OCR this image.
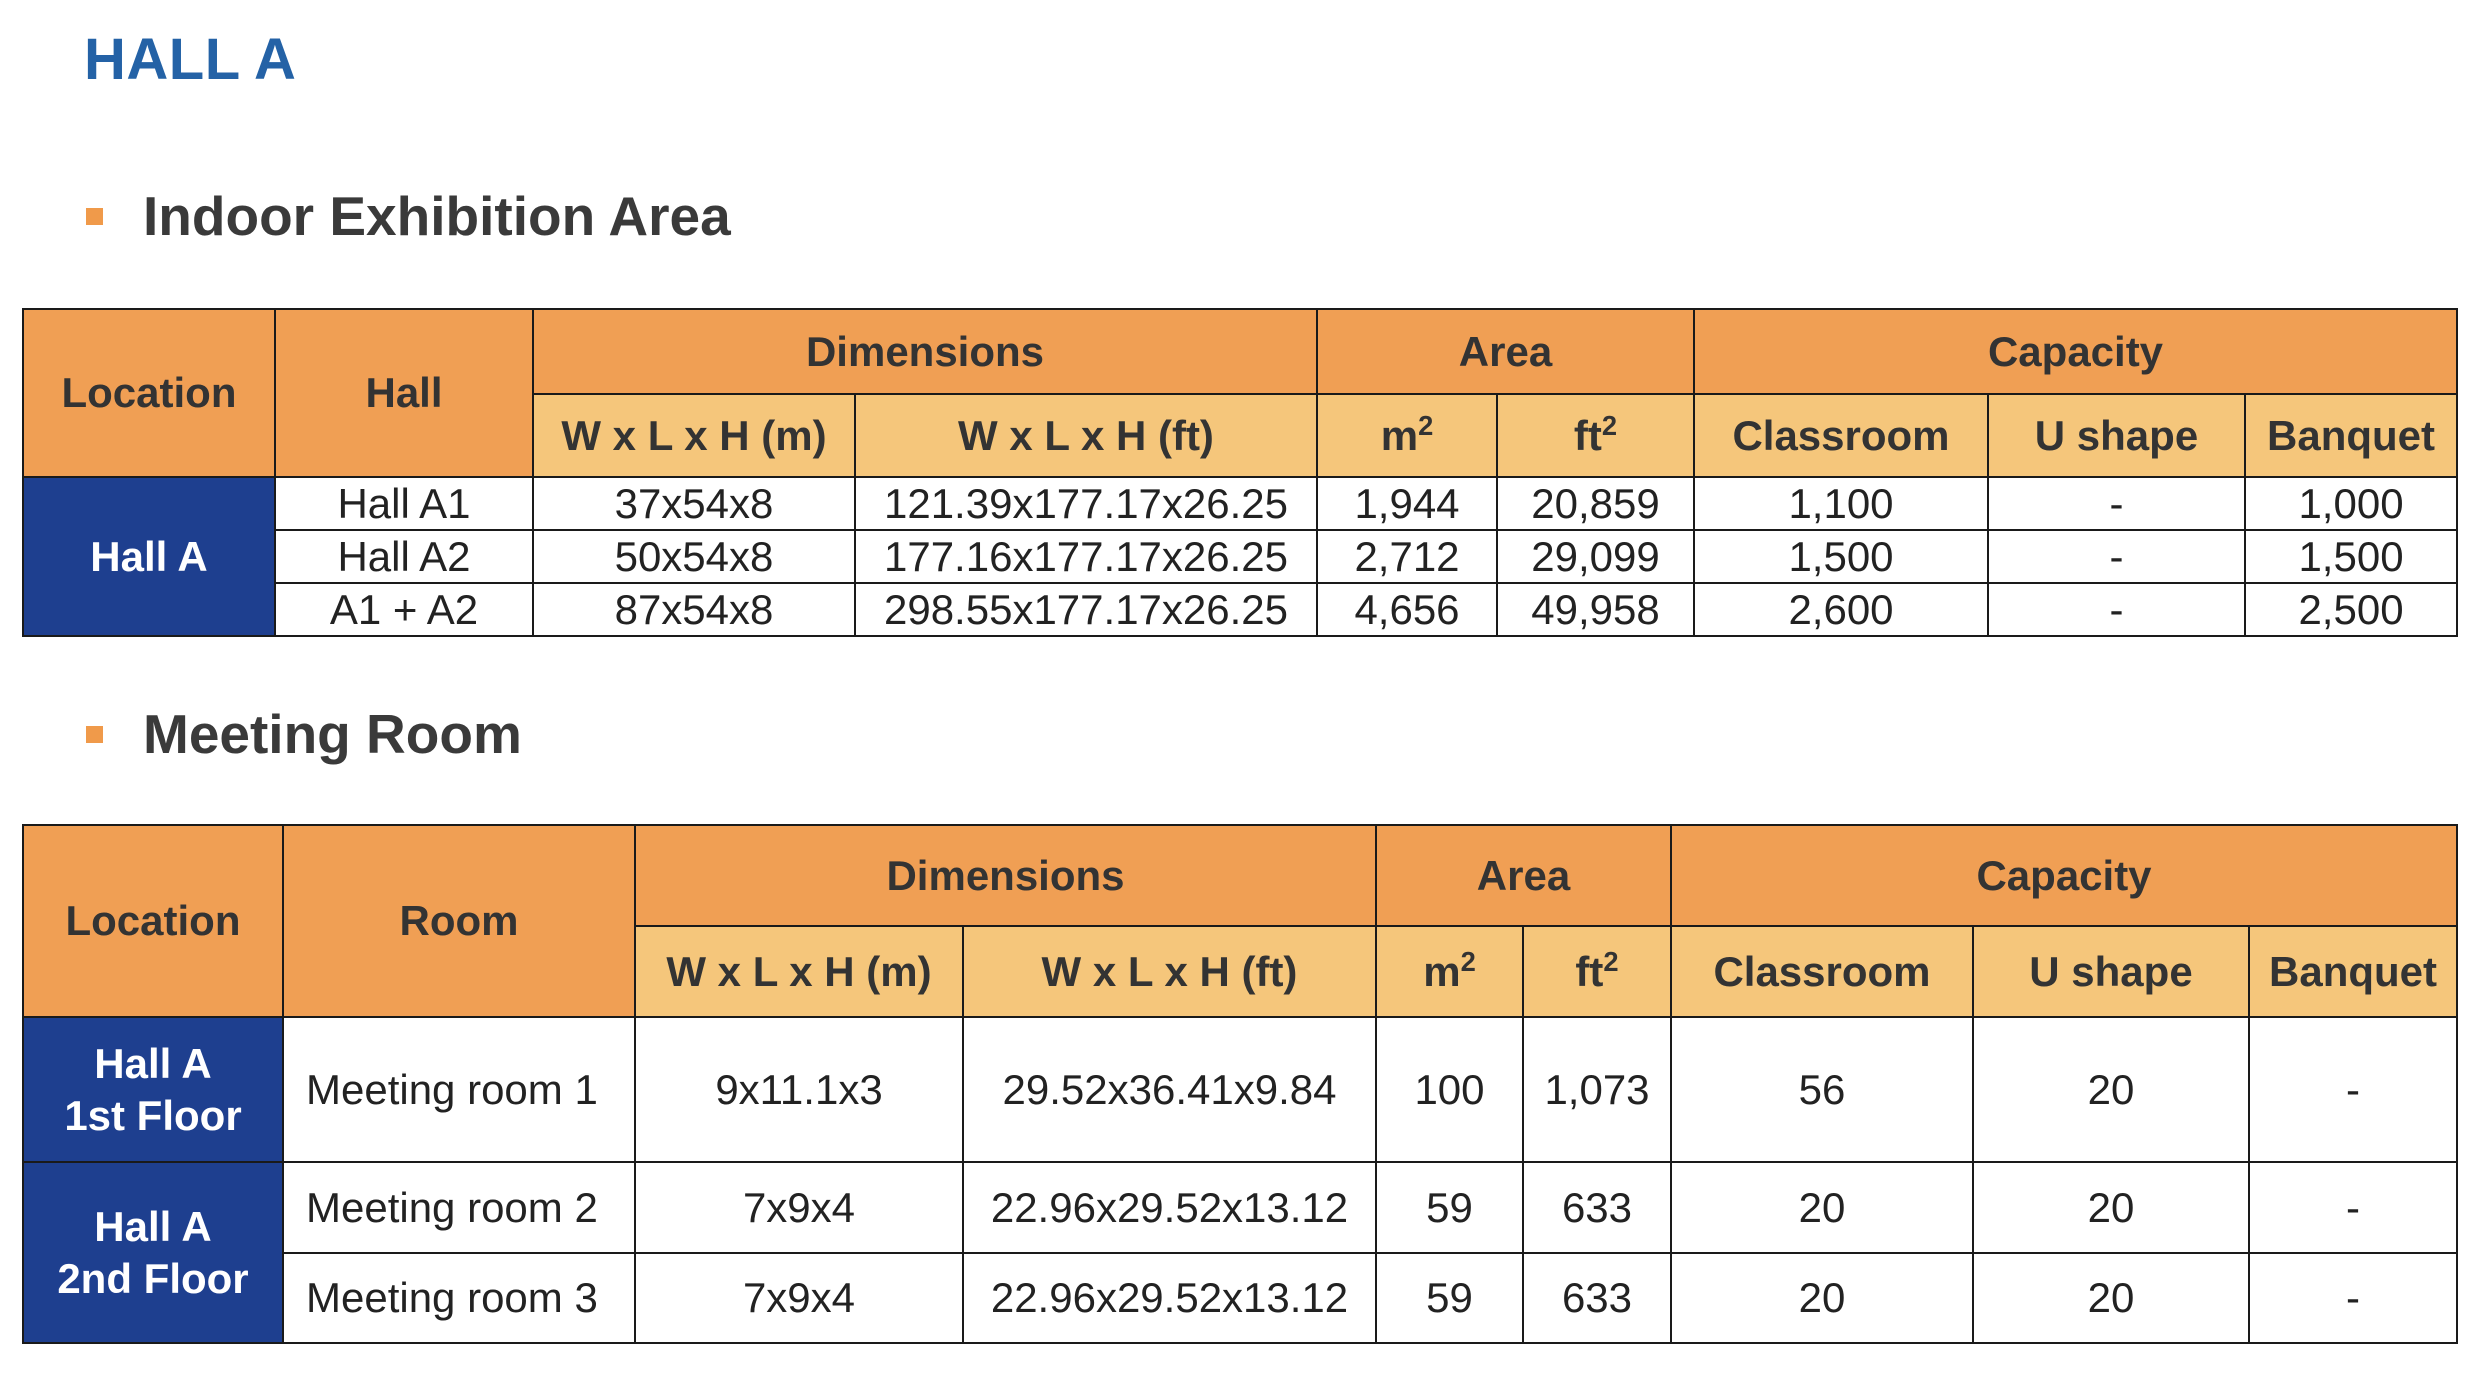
HALL A
Indoor Exhibition Area
Location	Hall	Dimensions		Area		Capacity		
		W x L x H (m)	W x L x H (ft)	$m^2$	$ft^2$	Classroom	U shape	Banquet
Hall A	Hall A1	37x54x8	121.39x177.17x26.25	1,944	20,859	1,100	-	1,000
	Hall A2	50x54x8	177.16x177.17x26.25	2,712	29,099	1,500	-	1,500
	A1 + A2	87x54x8	298.55x177.17x26.25	4,656	49,958	2,600	-	2,500
Meeting Room
Location	Room	Dimensions		Area		Capacity		
		W x L x H (m)	W x L x H (ft)	$m^2$	$ft^2$	Classroom	U shape	Banquet

Hall A
1st Floor	Meeting room 1	9x11.1x3	29.52x36.41x9.84	100	1,073	56	20	-

Hall A
2nd Floor	Meeting room 2	7x9x4	22.96x29.52x13.12	59	633	20	20	-
	Meeting room 3	7x9x4	22.96x29.52x13.12	59	633	20	20	-
